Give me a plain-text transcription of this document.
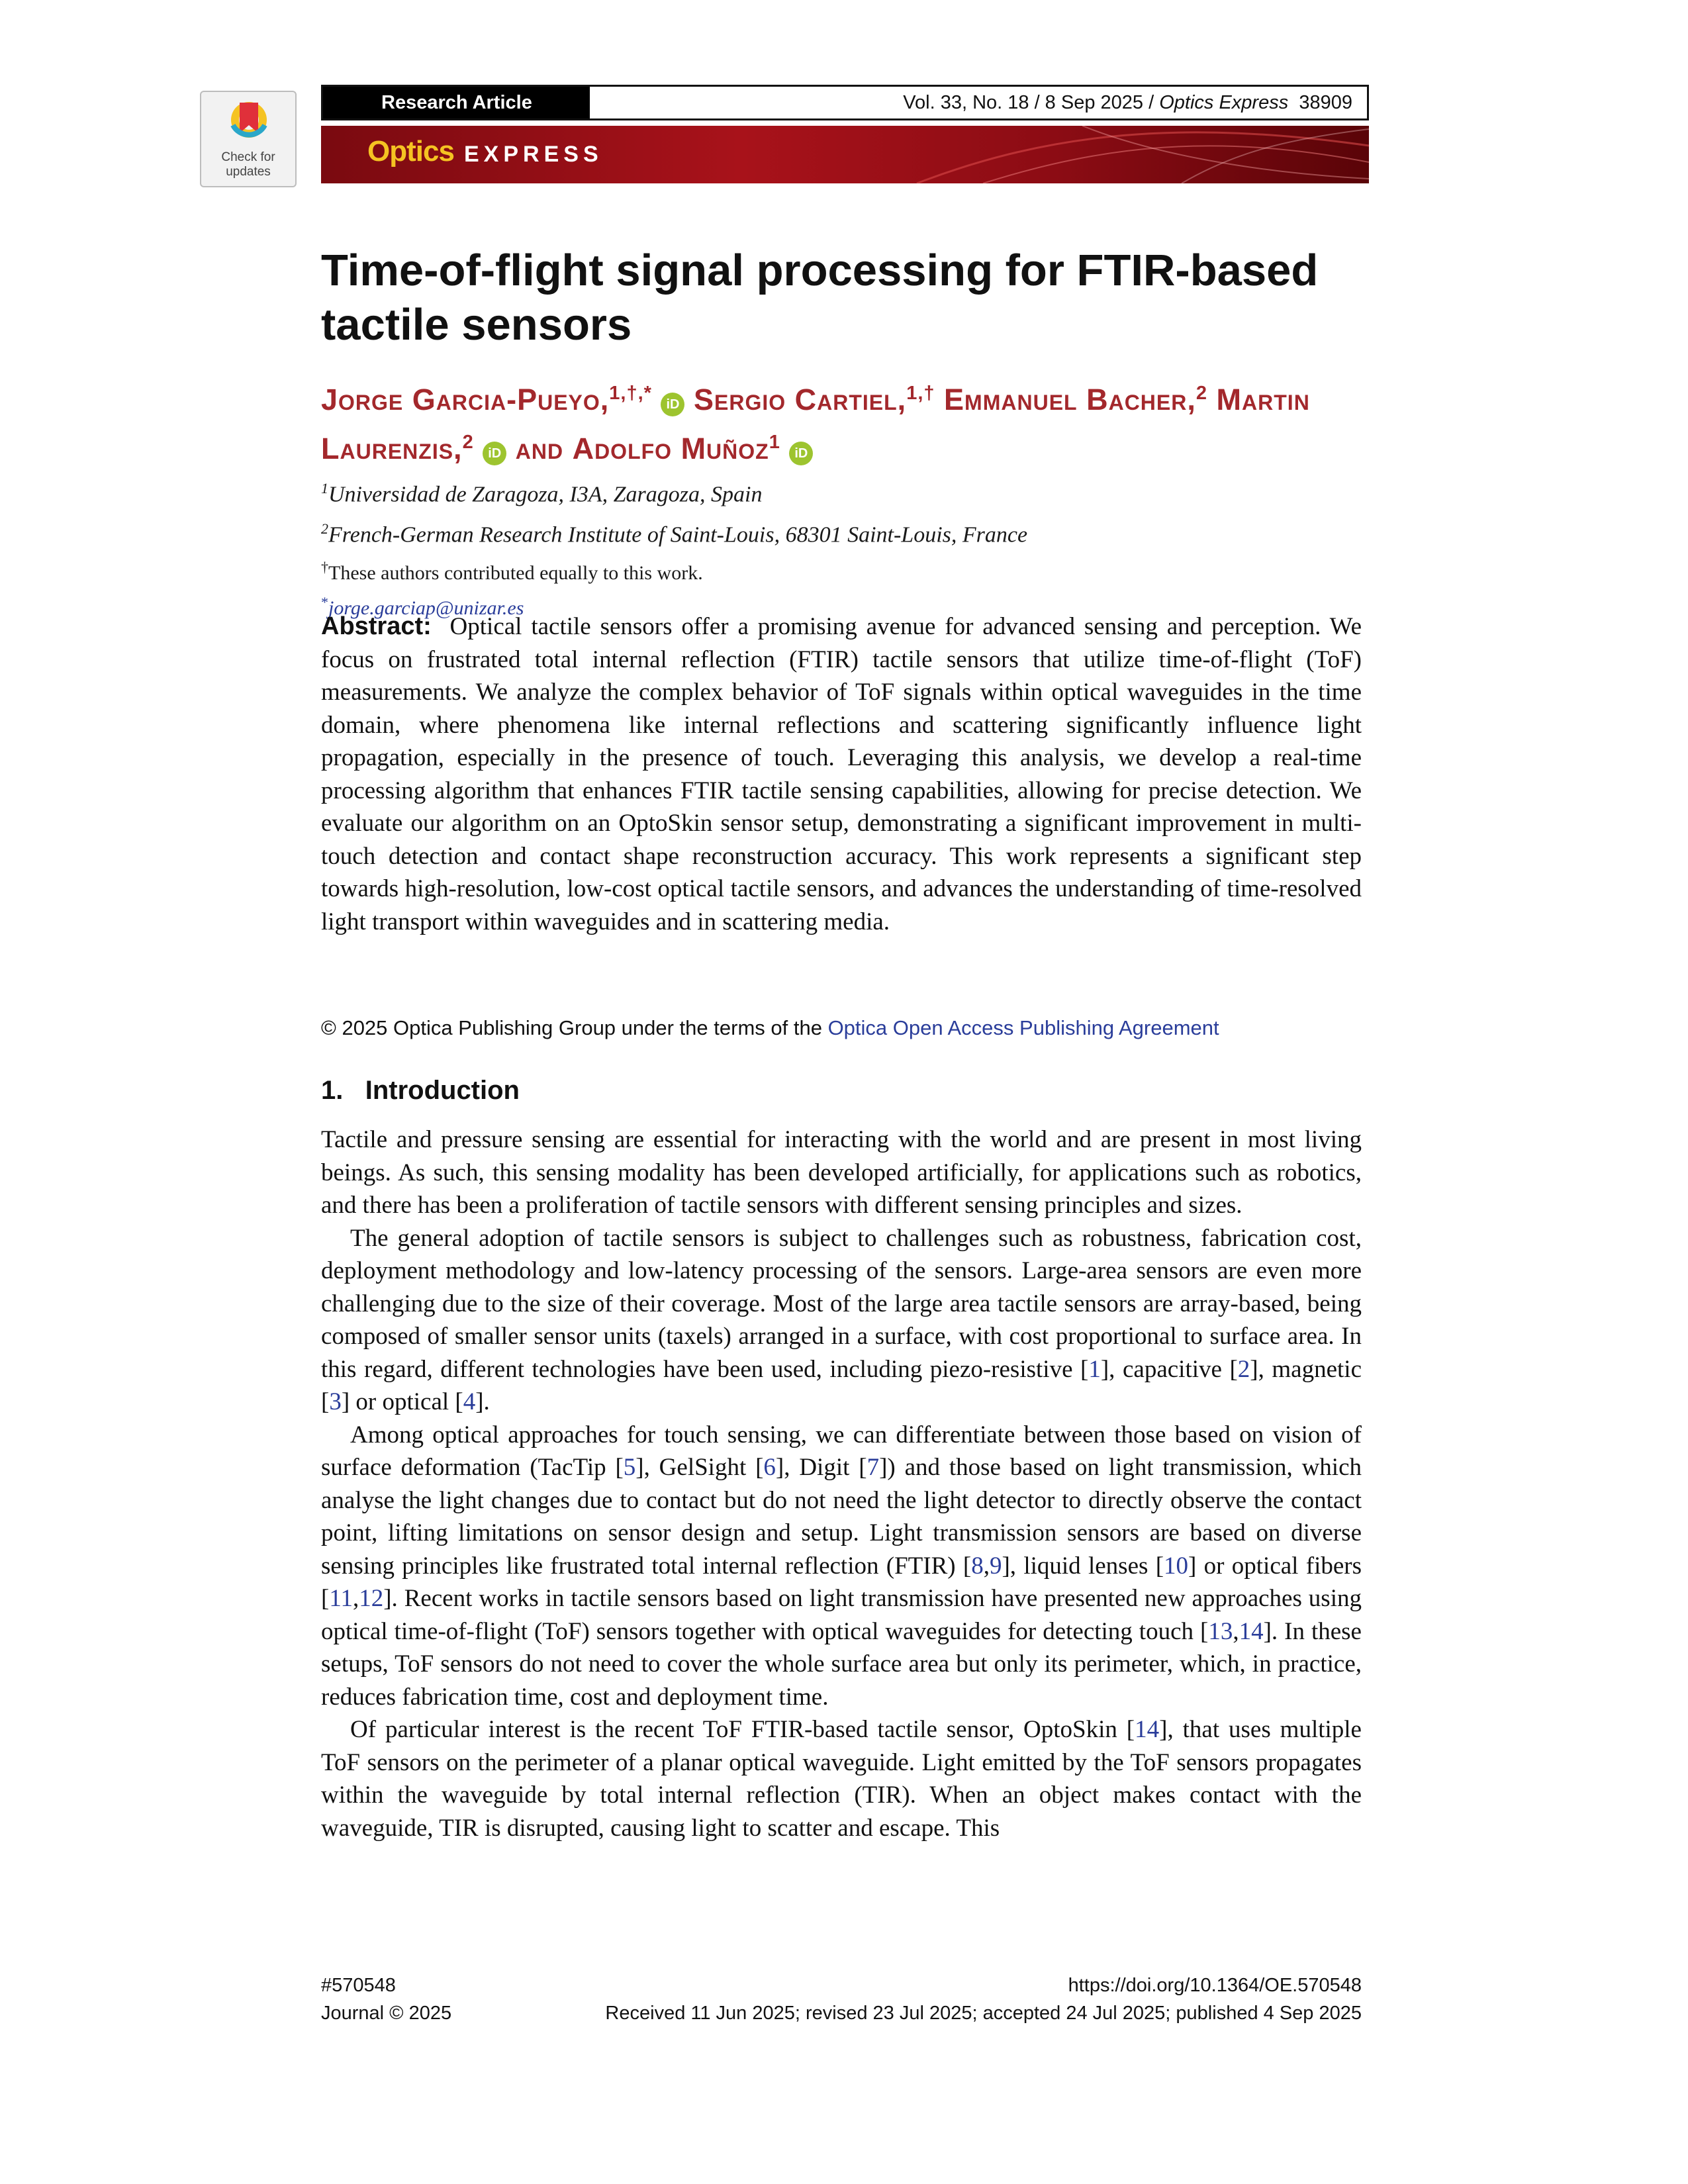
Check for
updates
Research Article	Vol. 33, No. 18 / 8 Sep 2025 / Optics Express 38909
Optics EXPRESS
Time-of-flight signal processing for FTIR-based tactile sensors
Jorge Garcia-Pueyo,$^{1,\dagger,*}$ iD Sergio Cartiel,$^{1,\dagger}$ Emmanuel Bacher,$^2$ Martin Laurenzis,$^2$ iD and Adolfo Muñoz$^1$ iD
$^1$Universidad de Zaragoza, I3A, Zaragoza, Spain
$^2$French-German Research Institute of Saint-Louis, 68301 Saint-Louis, France
†These authors contributed equally to this work.
*jorge.garciap@unizar.es
Abstract: Optical tactile sensors offer a promising avenue for advanced sensing and perception. We focus on frustrated total internal reflection (FTIR) tactile sensors that utilize time-of-flight (ToF) measurements. We analyze the complex behavior of ToF signals within optical waveguides in the time domain, where phenomena like internal reflections and scattering significantly influence light propagation, especially in the presence of touch. Leveraging this analysis, we develop a real-time processing algorithm that enhances FTIR tactile sensing capabilities, allowing for precise detection. We evaluate our algorithm on an OptoSkin sensor setup, demonstrating a significant improvement in multi-touch detection and contact shape reconstruction accuracy. This work represents a significant step towards high-resolution, low-cost optical tactile sensors, and advances the understanding of time-resolved light transport within waveguides and in scattering media.
© 2025 Optica Publishing Group under the terms of the Optica Open Access Publishing Agreement
1. Introduction
Tactile and pressure sensing are essential for interacting with the world and are present in most living beings. As such, this sensing modality has been developed artificially, for applications such as robotics, and there has been a proliferation of tactile sensors with different sensing principles and sizes.
The general adoption of tactile sensors is subject to challenges such as robustness, fabrication cost, deployment methodology and low-latency processing of the sensors. Large-area sensors are even more challenging due to the size of their coverage. Most of the large area tactile sensors are array-based, being composed of smaller sensor units (taxels) arranged in a surface, with cost proportional to surface area. In this regard, different technologies have been used, including piezo-resistive [1], capacitive [2], magnetic [3] or optical [4].
Among optical approaches for touch sensing, we can differentiate between those based on vision of surface deformation (TacTip [5], GelSight [6], Digit [7]) and those based on light transmission, which analyse the light changes due to contact but do not need the light detector to directly observe the contact point, lifting limitations on sensor design and setup. Light transmission sensors are based on diverse sensing principles like frustrated total internal reflection (FTIR) [8,9], liquid lenses [10] or optical fibers [11,12]. Recent works in tactile sensors based on light transmission have presented new approaches using optical time-of-flight (ToF) sensors together with optical waveguides for detecting touch [13,14]. In these setups, ToF sensors do not need to cover the whole surface area but only its perimeter, which, in practice, reduces fabrication time, cost and deployment time.
Of particular interest is the recent ToF FTIR-based tactile sensor, OptoSkin [14], that uses multiple ToF sensors on the perimeter of a planar optical waveguide. Light emitted by the ToF sensors propagates within the waveguide by total internal reflection (TIR). When an object makes contact with the waveguide, TIR is disrupted, causing light to scatter and escape. This
#570548
Journal © 2025
https://doi.org/10.1364/OE.570548
Received 11 Jun 2025; revised 23 Jul 2025; accepted 24 Jul 2025; published 4 Sep 2025
